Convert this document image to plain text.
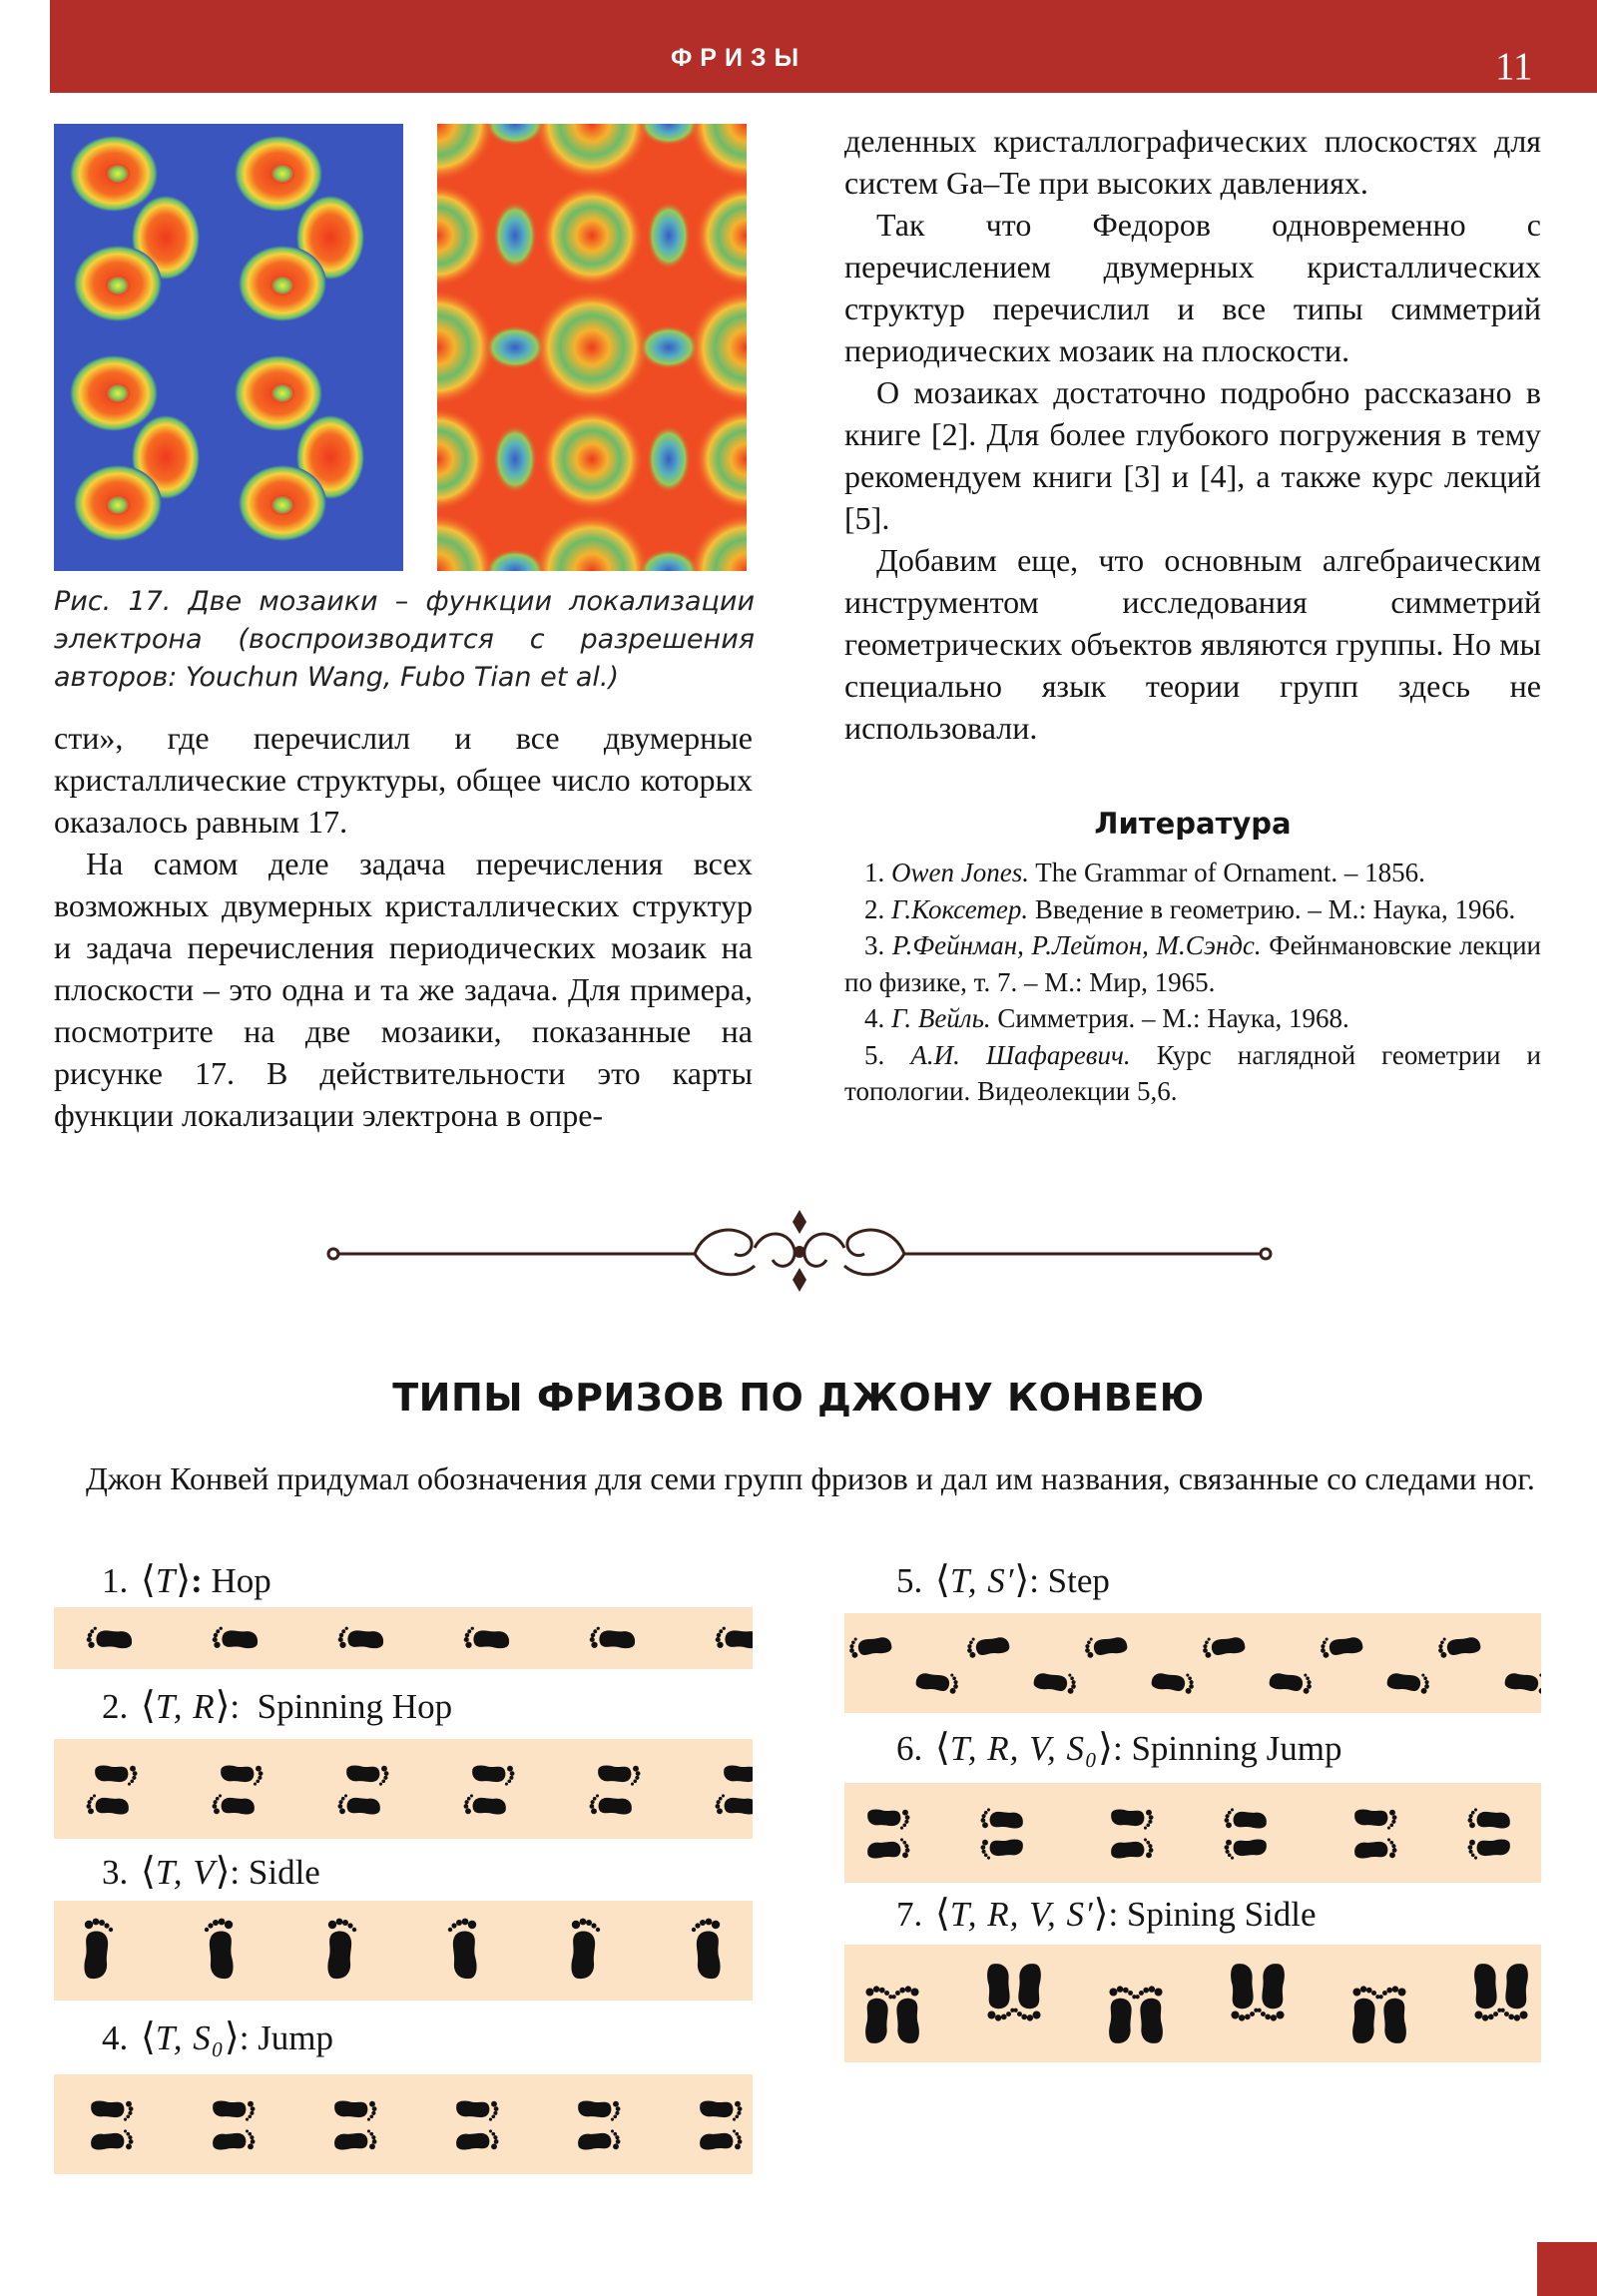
ФРИЗЫ	11
Рис. 17. Две мозаики – функции локализации электрона (воспроизводится с разрешения авторов: Youchun Wang, Fubo Tian et al.)

сти», где перечислил и все двумерные кристаллические структуры, общее число которых оказалось равным 17.

На самом деле задача перечисления всех возможных двумерных кристаллических структур и задача перечисления периодических мозаик на плоскости – это одна и та же задача. Для примера, посмотрите на две мозаики, показанные на рисунке 17. В действительности это карты функции локализации электрона в опре-

деленных кристаллографических плоскостях для систем Ga–Te при высоких давлениях.

Так что Федоров одновременно с перечислением двумерных кристаллических структур перечислил и все типы симметрий периодических мозаик на плоскости.

О мозаиках достаточно подробно рассказано в книге [2]. Для более глубокого погружения в тему рекомендуем книги [3] и [4], а также курс лекций [5].

Добавим еще, что основным алгебраическим инструментом исследования симметрий геометрических объектов являются группы. Но мы специально язык теории групп здесь не использовали.

Литература

1. Owen Jones. The Grammar of Ornament. – 1856.

2. Г.Коксетер. Введение в геометрию. – М.: Наука, 1966.

3. Р.Фейнман, Р.Лейтон, М.Сэндс. Фейнмановские лекции по физике, т. 7. – М.: Мир, 1965.

4. Г. Вейль. Симметрия. – М.: Наука, 1968.

5. А.И. Шафаревич. Курс наглядной геометрии и топологии. Видеолекции 5,6.

ТИПЫ ФРИЗОВ ПО ДЖОНУ КОНВЕЮ

Джон Конвей придумал обозначения для семи групп фризов и дал им названия, связанные со следами ног.

1. ⟨T⟩: Hop
2. ⟨T, R⟩:  Spinning Hop
3. ⟨T, V⟩: Sidle
4. ⟨T, S₀⟩: Jump
5. ⟨T, S′⟩: Step
6. ⟨T, R, V, S₀⟩: Spinning Jump
7. ⟨T, R, V, S′⟩: Spining Sidle
